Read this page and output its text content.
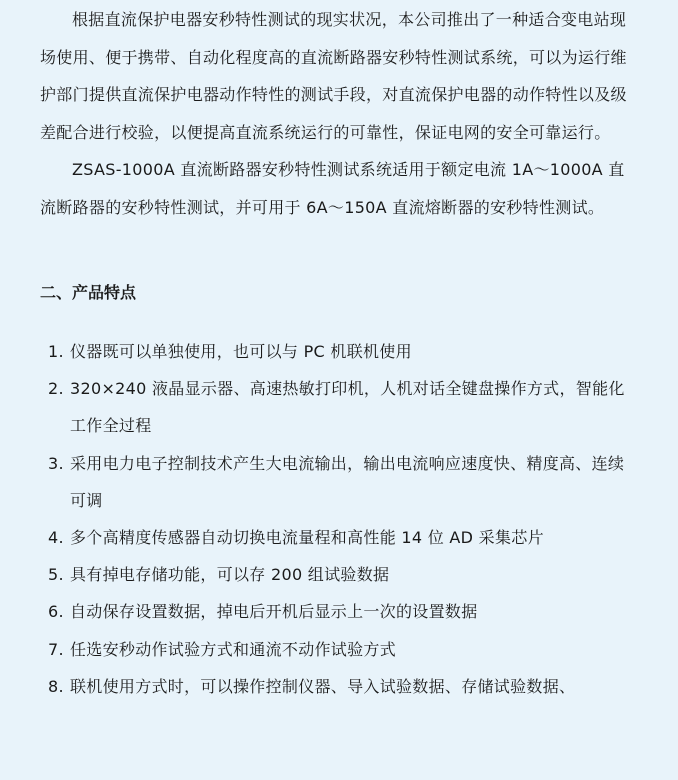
根据直流保护电器安秒特性测试的现实状况，本公司推出了一种适合变电站现场使用、便于携带、自动化程度高的直流断路器安秒特性测试系统，可以为运行维护部门提供直流保护电器动作特性的测试手段，对直流保护电器的动作特性以及级差配合进行校验，以便提高直流系统运行的可靠性，保证电网的安全可靠运行。

ZSAS-1000A 直流断路器安秒特性测试系统适用于额定电流 1A～1000A 直流断路器的安秒特性测试，并可用于 6A～150A 直流熔断器的安秒特性测试。

二、产品特点
1. 仪器既可以单独使用，也可以与 PC 机联机使用
2. 320×240 液晶显示器、高速热敏打印机，人机对话全键盘操作方式，智能化工作全过程
3. 采用电力电子控制技术产生大电流输出，输出电流响应速度快、精度高、连续可调
4. 多个高精度传感器自动切换电流量程和高性能 14 位 AD 采集芯片
5. 具有掉电存储功能，可以存 200 组试验数据
6. 自动保存设置数据，掉电后开机后显示上一次的设置数据
7. 任选安秒动作试验方式和通流不动作试验方式
8. 联机使用方式时，可以操作控制仪器、导入试验数据、存储试验数据、
